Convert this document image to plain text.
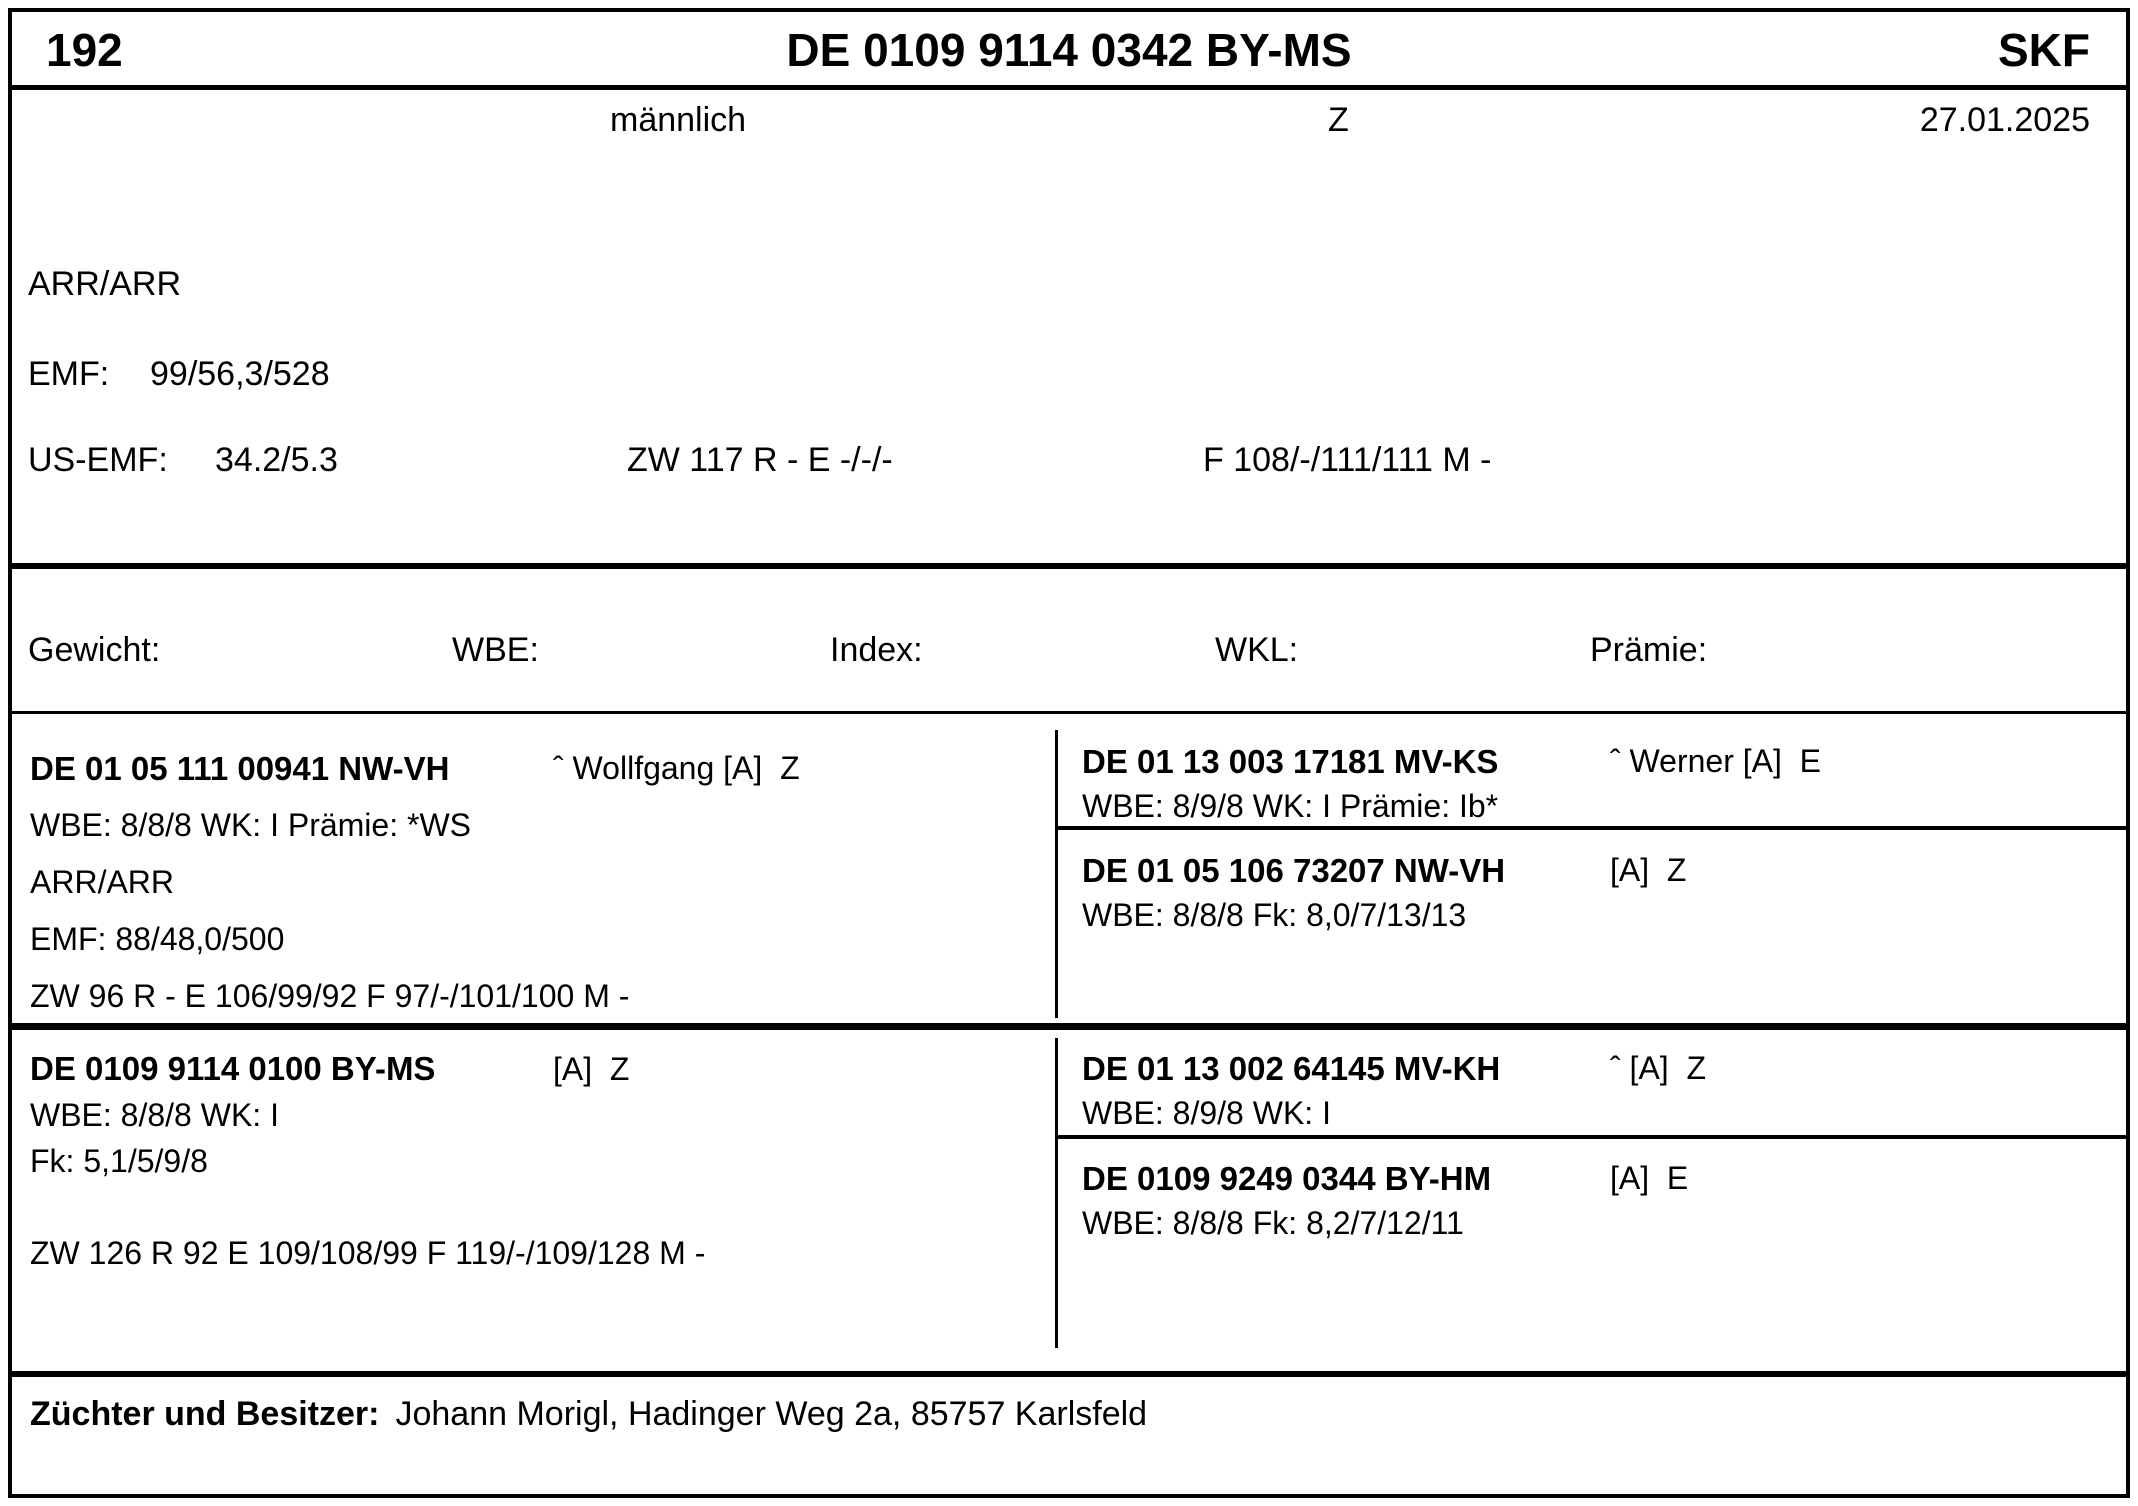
192	DE 0109 9114 0342 BY-MS	SKF
männlich	Z	27.01.2025
ARR/ARR
EMF: 99/56,3/528
US-EMF: 34.2/5.3	ZW 117 R - E -/-/-	F 108/-/111/111 M -
Gewicht:	WBE:	Index:	WKL:	Prämie:
DE 01 05 111 00941 NW-VH	ˆ Wollfgang [A]  Z
WBE: 8/8/8 WK: I Prämie: *WS
ARR/ARR
EMF: 88/48,0/500
ZW 96 R - E 106/99/92 F 97/-/101/100 M -
DE 01 13 003 17181 MV-KS	ˆ Werner [A]  E
WBE: 8/9/8 WK: I Prämie: Ib*
DE 01 05 106 73207 NW-VH	[A]  Z
WBE: 8/8/8 Fk: 8,0/7/13/13
DE 0109 9114 0100 BY-MS	[A]  Z
WBE: 8/8/8 WK: I
Fk: 5,1/5/9/8
ZW 126 R 92 E 109/108/99 F 119/-/109/128 M -
DE 01 13 002 64145 MV-KH	ˆ [A]  Z
WBE: 8/9/8 WK: I
DE 0109 9249 0344 BY-HM	[A]  E
WBE: 8/8/8 Fk: 8,2/7/12/11
Züchter und Besitzer: Johann Morigl, Hadinger Weg 2a, 85757 Karlsfeld
